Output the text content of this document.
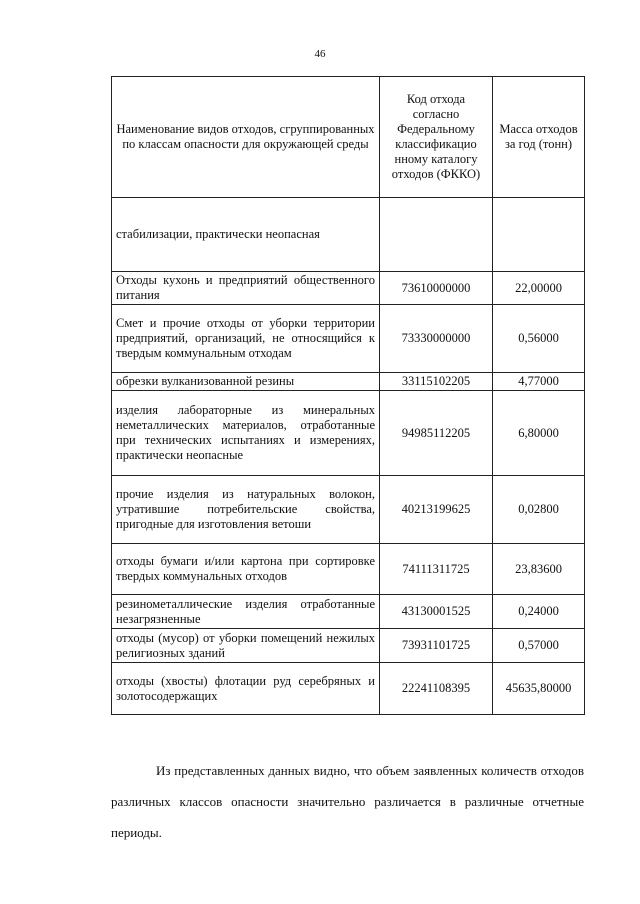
46
Наименование видов отходов, сгруппированных по классам опасности для окружающей среды	Код отхода согласно Федеральному классификацио нному каталогу отходов (ФККО)	Масса отходов за год (тонн)
стабилизации, практически неопасная		
Отходы кухонь и предприятий общественного питания	73610000000	22,00000
Смет и прочие отходы от уборки территории предприятий, организаций, не относящийся к твердым коммунальным отходам	73330000000	0,56000
обрезки вулканизованной резины	33115102205	4,77000
изделия лабораторные из минеральных неметаллических материалов, отработанные при технических испытаниях и измерениях, практически неопасные	94985112205	6,80000
прочие изделия из натуральных волокон, утратившие потребительские свойства, пригодные для изготовления ветоши	40213199625	0,02800
отходы бумаги и/или картона при сортировке твердых коммунальных отходов	74111311725	23,83600
резинометаллические изделия отработанные незагрязненные	43130001525	0,24000
отходы (мусор) от уборки помещений нежилых религиозных зданий	73931101725	0,57000
отходы (хвосты) флотации руд серебряных и золотосодержащих	22241108395	45635,80000

Из представленных данных видно, что объем заявленных количеств отходов различных классов опасности значительно различается в различные отчетные периоды.
